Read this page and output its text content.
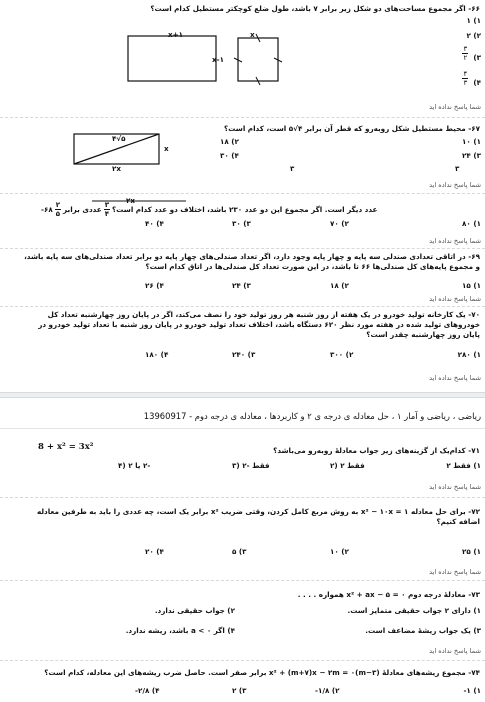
۶۶- اگر مجموع مساحت‌های دو شکل زیر برابر ۷ باشد، طول ضلع کوچکتر مستطیل کدام است؟
x+۱
x-۱
x
۱ (۱
۲ (۲
$\frac{۳}{۲}$ (۳
$\frac{۴}{۳}$ (۴
شما پاسخ نداده اید
۶۷- محیط مستطیل شکل روبه‌رو که قطر آن برابر ۴√۵ است، کدام است؟
۴√۵
x
۲x
۱۸ (۲	۱۰ (۱
۳۰ (۴	۲۴ (۳
۳	۳
شما پاسخ نداده اید
۲x
۶۸- $\frac{۲}{۵}$ عددی برابر $\frac{۳}{۴}$ عدد دیگر است. اگر مجموع این دو عدد ۲۳۰ باشد، اختلاف دو عدد کدام است؟
۴۰ (۴	۳۰ (۳	۷۰ (۲	۸۰ (۱
شما پاسخ نداده اید
۶۹- در اتاقی تعدادی صندلی سه پایه و چهار پایه وجود دارد، اگر تعداد صندلی‌های چهار پایه دو برابر تعداد صندلی‌های سه پایه باشد، و مجموع پایه‌های کل صندلی‌ها ۶۶ تا باشد، در این صورت تعداد کل صندلی‌ها در اتاق کدام است؟
۲۶ (۴	۲۴ (۳	۱۸ (۲	۱۵ (۱
شما پاسخ نداده اید
۷۰- یک کارخانه تولید خودرو در یک هفته از روز شنبه هر روز تولید خود را نصف می‌کند، اگر در پایان روز چهارشنبه تعداد کل خودروهای تولید شده در هفته مورد نظر ۶۲۰ دستگاه باشد، اختلاف تعداد تولید خودرو در پایان روز شنبه با تعداد تولید خودرو در پایان روز چهارشنبه چقدر است؟
۱۸۰ (۴	۲۴۰ (۳	۳۰۰ (۲	۲۸۰ (۱
شما پاسخ نداده اید
ریاضی ، ریاضی و آمار ۱ ، حل معادله ی درجه ی ۲ و کاربردها ، معادله ی درجه دوم - 13960917
8 + x² = 3x²	۷۱- کدام‌یک از گزینه‌های زیر جواب معادلهٔ روبه‌رو می‌باشد؟
-۲ یا ۲ (۴	فقط -۲ (۳	فقط ۲ (۲	۱) فقط ۲
شما پاسخ نداده اید
۷۲- برای حل معادله x² − ۱۰x = ۱ به روش مربع کامل کردن، وقتی ضریب x² برابر یک است، چه عددی را باید به طرفین معادله اضافه کنیم؟
۲۰ (۴	۵ (۳	۱۰ (۲	۲۵ (۱
شما پاسخ نداده اید
۷۳- معادلهٔ درجه دوم x² + ax − ۵ = ۰ همواره . . . .
۱) دارای ۲ جواب حقیقی متمایز است.
۲) جواب حقیقی ندارد.
۳) یک جواب ریشهٔ مضاعف است.
۴) اگر a < ۰ باشد، ریشه ندارد.
شما پاسخ نداده اید
۷۴- مجموع ریشه‌های معادلهٔ (m−۳)x² + (m+۷)x − ۲m = ۰ برابر صفر است. حاصل ضرب ریشه‌های این معادله، کدام است؟
-۲/۸ (۴	۲ (۳	-۱/۸ (۲	-۱ (۱
